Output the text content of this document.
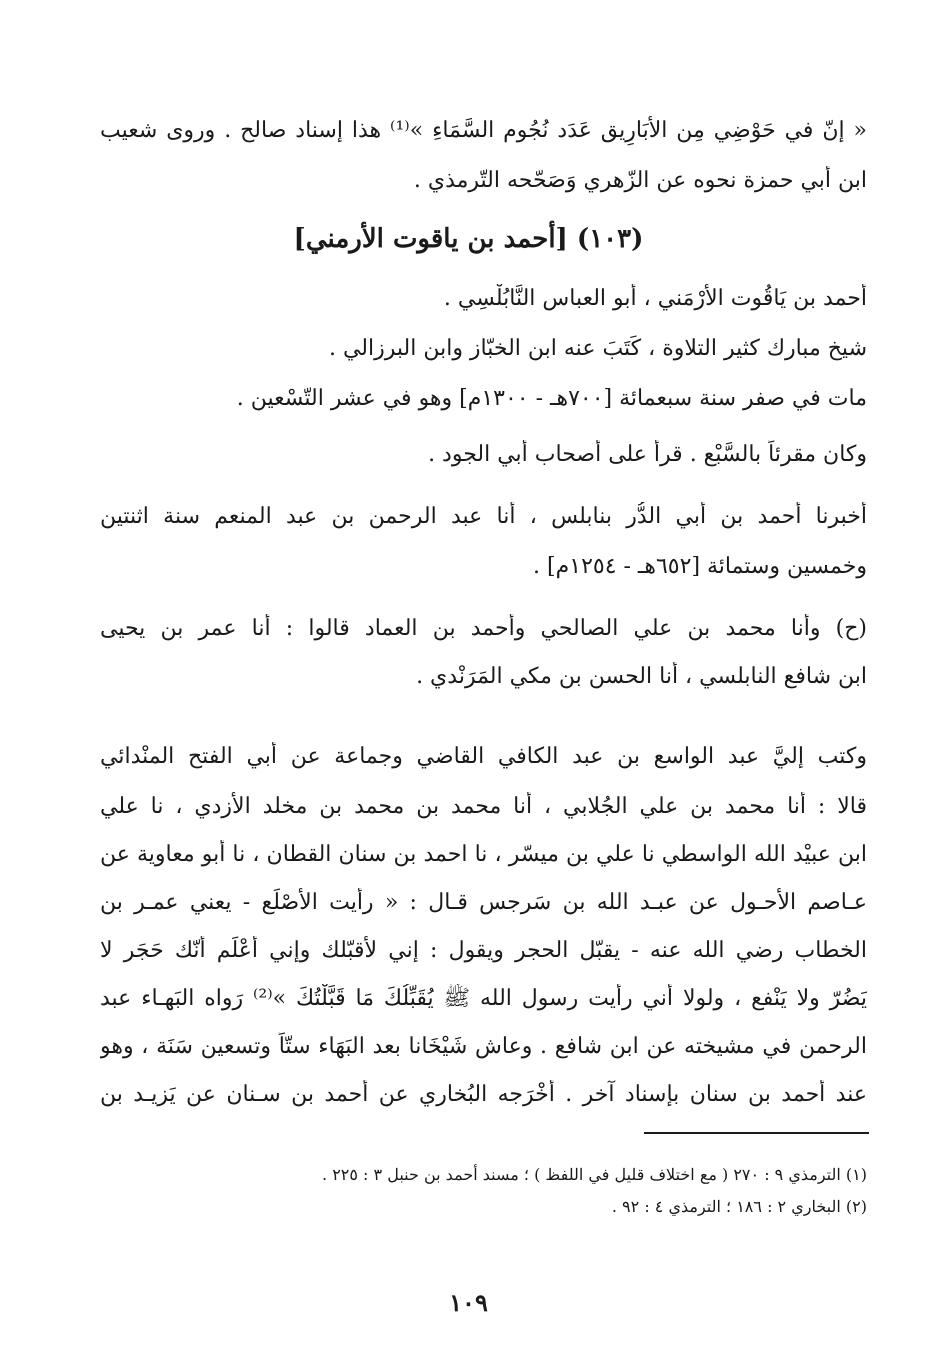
« إنّ في حَوْضِي مِن الأبَارِيق عَدَد نُجُوم السَّمَاءِ »⁽¹⁾ هذا إسناد صالح . وروى شعيب
ابن أبي حمزة نحوه عن الزّهري وَصَحّحه التّرمذي .
(١٠٣) [أحمد بن ياقوت الأرمني]
أحمد بن يَاقُوت الأرْمَني ، أبو العباس النَّابُلْسِي .
شيخ مبارك كثير التلاوة ، كَتَبَ عنه ابن الخبّاز وابن البرزالي .
مات في صفر سنة سبعمائة [٧٠٠هـ - ١٣٠٠م] وهو في عشر التّسْعين .
وكان مقرئاً بالسَّبْع . قرأ على أصحاب أبي الجود .
أخبرنا أحمد بن أبي الدُّر بنابلس ، أنا عبد الرحمن بن عبد المنعم سنة اثنتين
وخمسين وستمائة [٦٥٢هـ - ١٢٥٤م] .
(ح) وأنا محمد بن علي الصالحي وأحمد بن العماد قالوا : أنا عمر بن يحيى
ابن شافع النابلسي ، أنا الحسن بن مكي المَرَنْدي .
وكتب إليَّ عبد الواسع بن عبد الكافي القاضي وجماعة عن أبي الفتح المنْدائي
قالا : أنا محمد بن علي الجُلابي ، أنا محمد بن محمد بن مخلد الأزدي ، نا علي
ابن عبيْد الله الواسطي نا علي بن ميسّر ، نا احمد بن سنان القطان ، نا أبو معاوية عن
عـاصم الأحـول عن عبـد الله بن سَرجس قـال : « رأيت الأصْلَع - يعني عمـر بن
الخطاب رضي الله عنه - يقبّل الحجر ويقول : إني لأقبّلك وإني أعْلَم أنّك حَجَر لا
يَضُرّ ولا يَنْفع ، ولولا أني رأيت رسول الله ﷺ يُقَبِّلُكَ مَا قَبَّلْتُكَ »⁽²⁾ رَواه البَهـاء عبد
الرحمن في مشيخته عن ابن شافع . وعاش شَيْخَانا بعد البَهَاء ستّاً وتسعين سَنَة ، وهو
عند أحمد بن سنان بإسناد آخر . أَخْرَجه البُخاري عن أحمد بن سـنان عن يَزيـد بن
(١) الترمذي ٩ : ٢٧٠ ( مع اختلاف قليل في اللفظ ) ؛ مسند أحمد بن حنبل ٣ : ٢٢٥ .
(٢) البخاري ٢ : ١٨٦ ؛ الترمذي ٤ : ٩٢ .
١٠٩
